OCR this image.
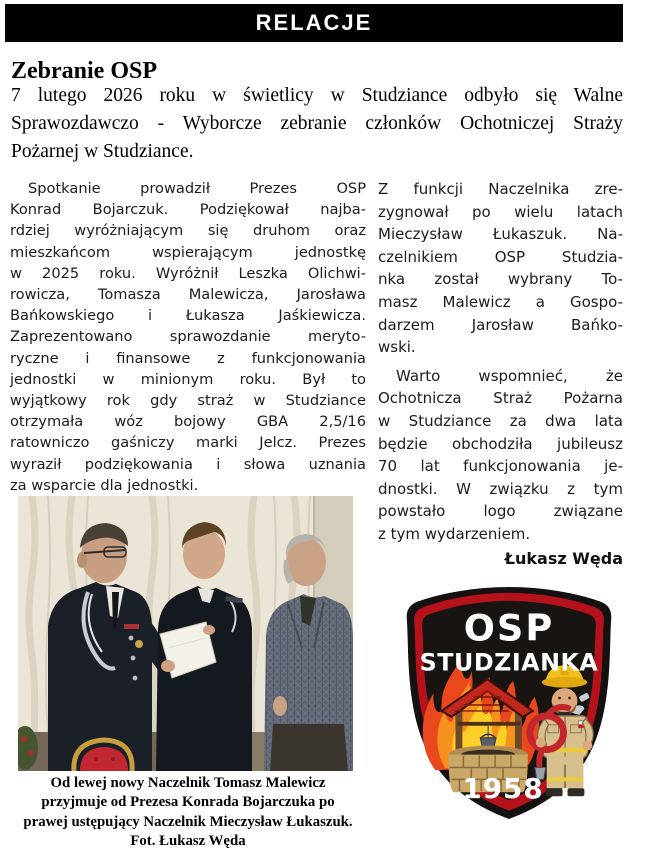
RELACJE
Zebranie OSP
7 lutego 2026 roku w świetlicy w Studziance odbyło się Walne
Sprawozdawczo - Wyborcze zebranie członków Ochotniczej Straży
Pożarnej w Studziance.
Spotkanie prowadził Prezes OSP
Konrad Bojarczuk. Podziękował najba-
rdziej wyróżniającym się druhom oraz
mieszkańcom wspierającym jednostkę
w 2025 roku. Wyróżnił Leszka Olichwi-
rowicza, Tomasza Malewicza, Jarosława
Bańkowskiego i Łukasza Jaśkiewicza.
Zaprezentowano sprawozdanie meryto-
ryczne i finansowe z funkcjonowania
jednostki w minionym roku. Był to
wyjątkowy rok gdy straż w Studziance
otrzymała wóz bojowy GBA 2,5/16
ratowniczo gaśniczy marki Jelcz. Prezes
wyraził podziękowania i słowa uznania
za wsparcie dla jednostki.
Od lewej nowy Naczelnik Tomasz Malewicz
przyjmuje od Prezesa Konrada Bojarczuka po
prawej ustępujący Naczelnik Mieczysław Łukaszuk.
Fot. Łukasz Węda
Z funkcji Naczelnika zre-
zygnował po wielu latach
Mieczysław Łukaszuk. Na-
czelnikiem OSP Studzia-
nka został wybrany To-
masz Malewicz a Gospo-
darzem Jarosław Bańko-
wski.
Warto wspomnieć, że
Ochotnicza Straż Pożarna
w Studziance za dwa lata
będzie obchodziła jubileusz
70 lat funkcjonowania je-
dnostki. W związku z tym
powstało logo związane
z tym wydarzeniem.
Łukasz Węda
OSP
STUDZIANKA
1958
